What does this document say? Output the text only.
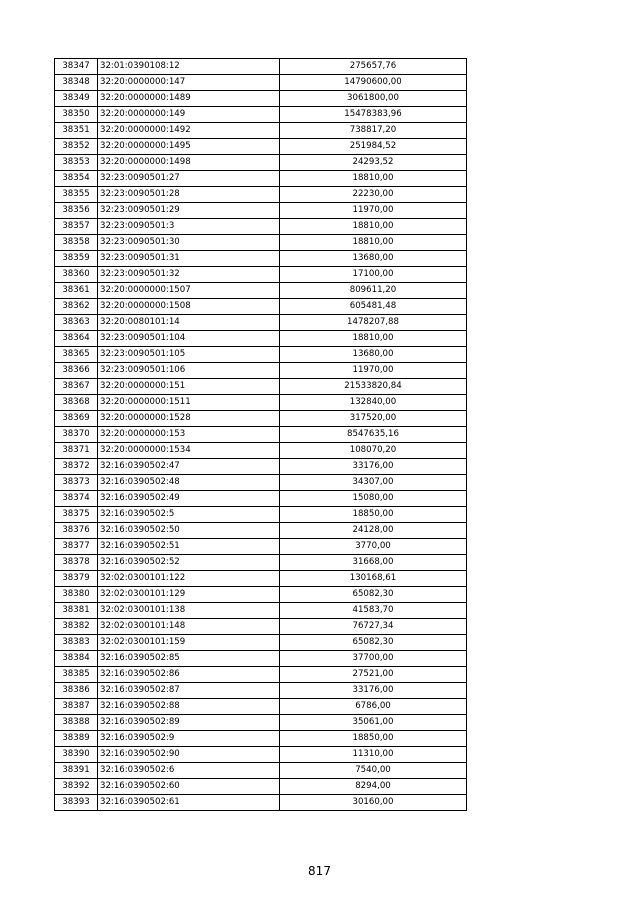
38347	32:01:0390108:12	275657,76
38348	32:20:0000000:147	14790600,00
38349	32:20:0000000:1489	3061800,00
38350	32:20:0000000:149	15478383,96
38351	32:20:0000000:1492	738817,20
38352	32:20:0000000:1495	251984,52
38353	32:20:0000000:1498	24293,52
38354	32:23:0090501:27	18810,00
38355	32:23:0090501:28	22230,00
38356	32:23:0090501:29	11970,00
38357	32:23:0090501:3	18810,00
38358	32:23:0090501:30	18810,00
38359	32:23:0090501:31	13680,00
38360	32:23:0090501:32	17100,00
38361	32:20:0000000:1507	809611,20
38362	32:20:0000000:1508	605481,48
38363	32:20:0080101:14	1478207,88
38364	32:23:0090501:104	18810,00
38365	32:23:0090501:105	13680,00
38366	32:23:0090501:106	11970,00
38367	32:20:0000000:151	21533820,84
38368	32:20:0000000:1511	132840,00
38369	32:20:0000000:1528	317520,00
38370	32:20:0000000:153	8547635,16
38371	32:20:0000000:1534	108070,20
38372	32:16:0390502:47	33176,00
38373	32:16:0390502:48	34307,00
38374	32:16:0390502:49	15080,00
38375	32:16:0390502:5	18850,00
38376	32:16:0390502:50	24128,00
38377	32:16:0390502:51	3770,00
38378	32:16:0390502:52	31668,00
38379	32:02:0300101:122	130168,61
38380	32:02:0300101:129	65082,30
38381	32:02:0300101:138	41583,70
38382	32:02:0300101:148	76727,34
38383	32:02:0300101:159	65082,30
38384	32:16:0390502:85	37700,00
38385	32:16:0390502:86	27521,00
38386	32:16:0390502:87	33176,00
38387	32:16:0390502:88	6786,00
38388	32:16:0390502:89	35061,00
38389	32:16:0390502:9	18850,00
38390	32:16:0390502:90	11310,00
38391	32:16:0390502:6	7540,00
38392	32:16:0390502:60	8294,00
38393	32:16:0390502:61	30160,00
817
